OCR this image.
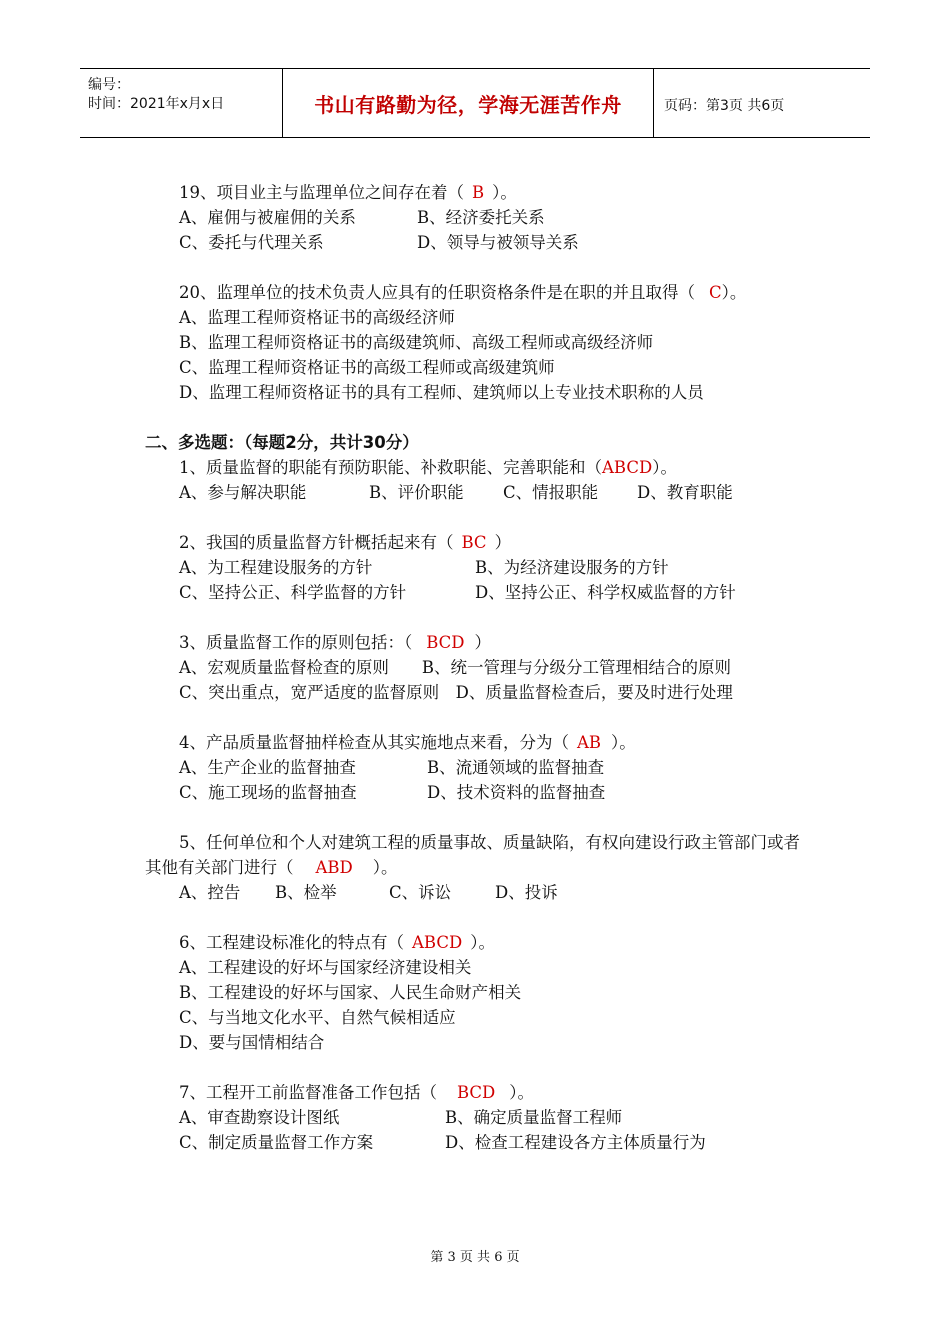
编号：
时间：2021年x月x日	书山有路勤为径，学海无涯苦作舟	页码：第3页 共6页
19、项目业主与监理单位之间存在着（ B ）。
A、雇佣与被雇佣的关系	B、经济委托关系
C、委托与代理关系	D、领导与被领导关系
20、监理单位的技术负责人应具有的任职资格条件是在职的并且取得（ C）。
A、监理工程师资格证书的高级经济师
B、监理工程师资格证书的高级建筑师、高级工程师或高级经济师
C、监理工程师资格证书的高级工程师或高级建筑师
D、监理工程师资格证书的具有工程师、建筑师以上专业技术职称的人员
二、多选题：（每题2分，共计30分）
1、质量监督的职能有预防职能、补救职能、完善职能和（ABCD）。
A、参与解决职能	B、评价职能 C、情报职能 D、教育职能
2、我国的质量监督方针概括起来有（ BC ）
A、为工程建设服务的方针	B、为经济建设服务的方针
C、坚持公正、科学监督的方针	D、坚持公正、科学权威监督的方针
3、质量监督工作的原则包括：（ BCD ）
A、宏观质量监督检查的原则　　B、统一管理与分级分工管理相结合的原则
C、突出重点，宽严适度的监督原则　D、质量监督检查后，要及时进行处理
4、产品质量监督抽样检查从其实施地点来看，分为（ AB ）。
A、生产企业的监督抽查	B、流通领域的监督抽查
C、施工现场的监督抽查	D、技术资料的监督抽查
5、任何单位和个人对建筑工程的质量事故、质量缺陷，有权向建设行政主管部门或者其他有关部门进行（ ABD ）。
A、控告 B、检举	C、诉讼	D、投诉
6、工程建设标准化的特点有（ ABCD ）。
A、工程建设的好坏与国家经济建设相关
B、工程建设的好坏与国家、人民生命财产相关
C、与当地文化水平、自然气候相适应
D、要与国情相结合
7、工程开工前监督准备工作包括（ BCD ）。
A、审查勘察设计图纸	B、确定质量监督工程师
C、制定质量监督工作方案	D、检查工程建设各方主体质量行为
第 3 页 共 6 页
